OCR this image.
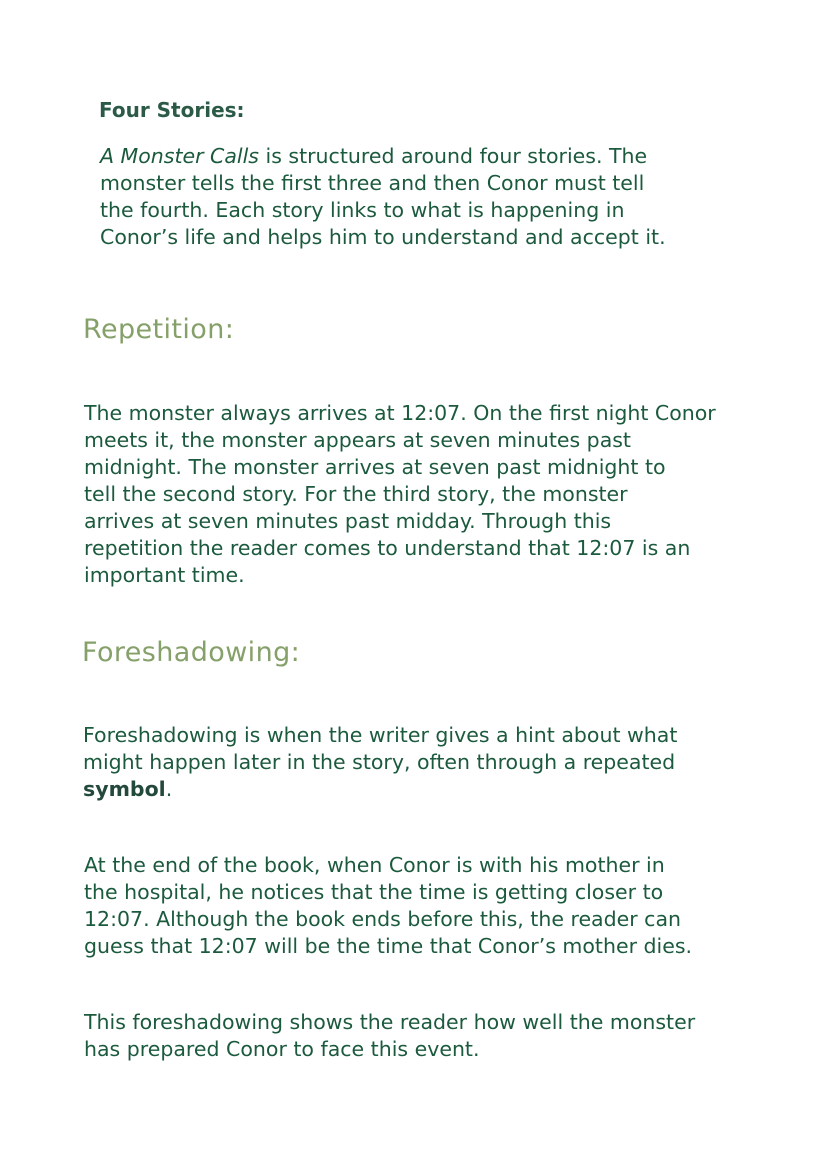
Four Stories:

A Monster Calls is structured around four stories. The
monster tells the first three and then Conor must tell
the fourth. Each story links to what is happening in
Conor’s life and helps him to understand and accept it.

Repetition:

The monster always arrives at 12:07. On the first night Conor
meets it, the monster appears at seven minutes past
midnight. The monster arrives at seven past midnight to
tell the second story. For the third story, the monster
arrives at seven minutes past midday. Through this
repetition the reader comes to understand that 12:07 is an
important time.

Foreshadowing:

Foreshadowing is when the writer gives a hint about what
might happen later in the story, often through a repeated
symbol.

At the end of the book, when Conor is with his mother in
the hospital, he notices that the time is getting closer to
12:07. Although the book ends before this, the reader can
guess that 12:07 will be the time that Conor’s mother dies.

This foreshadowing shows the reader how well the monster
has prepared Conor to face this event.
